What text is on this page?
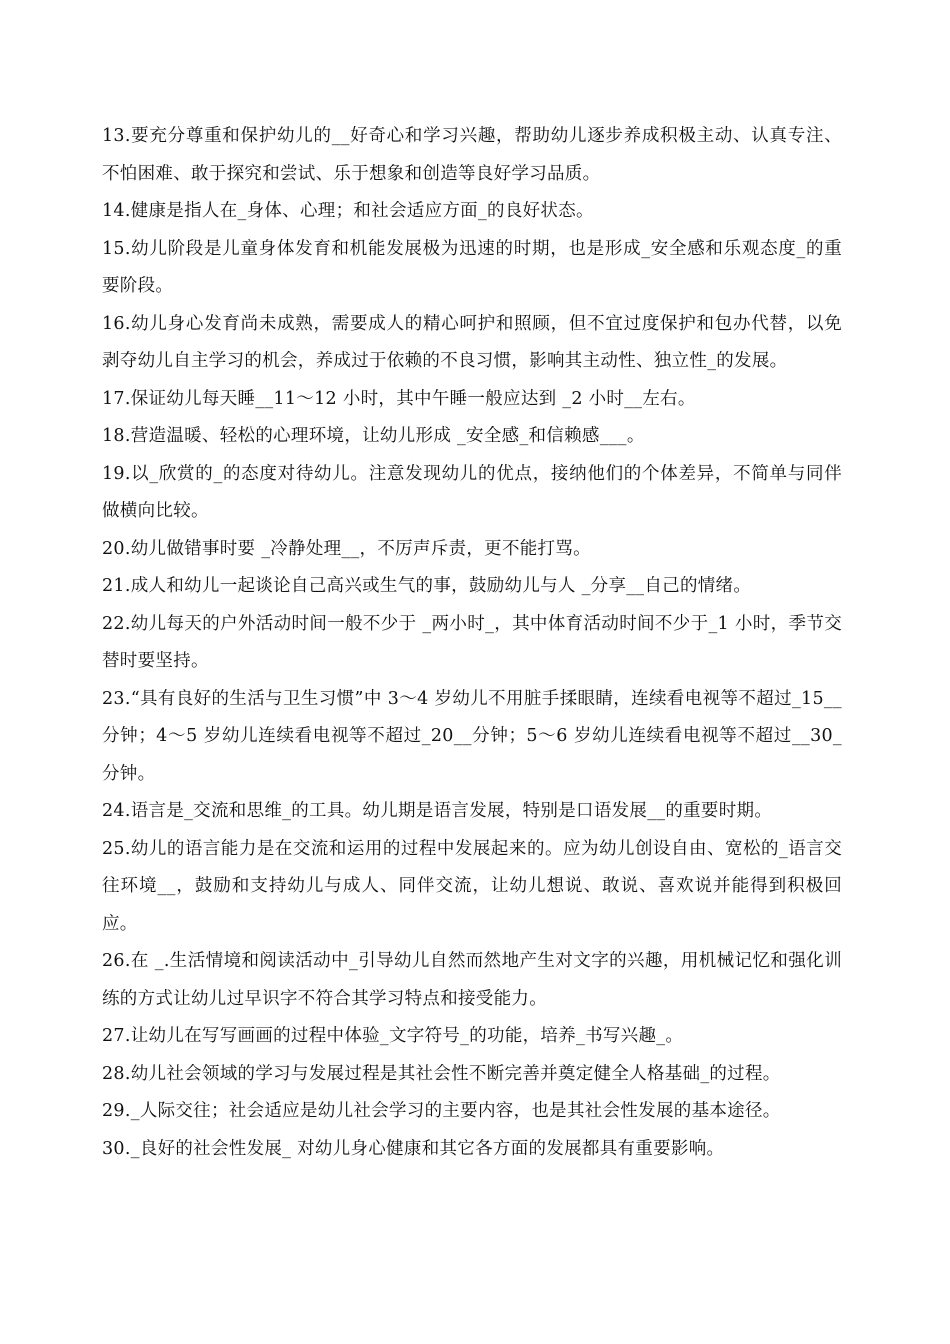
13.要充分尊重和保护幼儿的__好奇心和学习兴趣，帮助幼儿逐步养成积极主动、认真专注、不怕困难、敢于探究和尝试、乐于想象和创造等良好学习品质。

14.健康是指人在_身体、心理；和社会适应方面_的良好状态。

15.幼儿阶段是儿童身体发育和机能发展极为迅速的时期，也是形成_安全感和乐观态度_的重要阶段。

16.幼儿身心发育尚未成熟，需要成人的精心呵护和照顾，但不宜过度保护和包办代替，以免剥夺幼儿自主学习的机会，养成过于依赖的不良习惯，影响其主动性、独立性_的发展。

17.保证幼儿每天睡__11～12 小时，其中午睡一般应达到 _2 小时__左右。

18.营造温暖、轻松的心理环境，让幼儿形成 _安全感_和信赖感___。

19.以_欣赏的_的态度对待幼儿。注意发现幼儿的优点，接纳他们的个体差异，不简单与同伴做横向比较。

20.幼儿做错事时要 _冷静处理__，不厉声斥责，更不能打骂。

21.成人和幼儿一起谈论自己高兴或生气的事，鼓励幼儿与人 _分享__自己的情绪。

22.幼儿每天的户外活动时间一般不少于 _两小时_，其中体育活动时间不少于_1 小时，季节交替时要坚持。

23.“具有良好的生活与卫生习惯”中 3～4 岁幼儿不用脏手揉眼睛，连续看电视等不超过_15__分钟；4～5 岁幼儿连续看电视等不超过_20__分钟；5～6 岁幼儿连续看电视等不超过__30_分钟。

24.语言是_交流和思维_的工具。幼儿期是语言发展，特别是口语发展__的重要时期。

25.幼儿的语言能力是在交流和运用的过程中发展起来的。应为幼儿创设自由、宽松的_语言交往环境__，鼓励和支持幼儿与成人、同伴交流，让幼儿想说、敢说、喜欢说并能得到积极回应。

26.在 _.生活情境和阅读活动中_引导幼儿自然而然地产生对文字的兴趣，用机械记忆和强化训练的方式让幼儿过早识字不符合其学习特点和接受能力。

27.让幼儿在写写画画的过程中体验_文字符号_的功能，培养_书写兴趣_。

28.幼儿社会领域的学习与发展过程是其社会性不断完善并奠定健全人格基础_的过程。

29._人际交往；社会适应是幼儿社会学习的主要内容，也是其社会性发展的基本途径。

30._良好的社会性发展_ 对幼儿身心健康和其它各方面的发展都具有重要影响。
